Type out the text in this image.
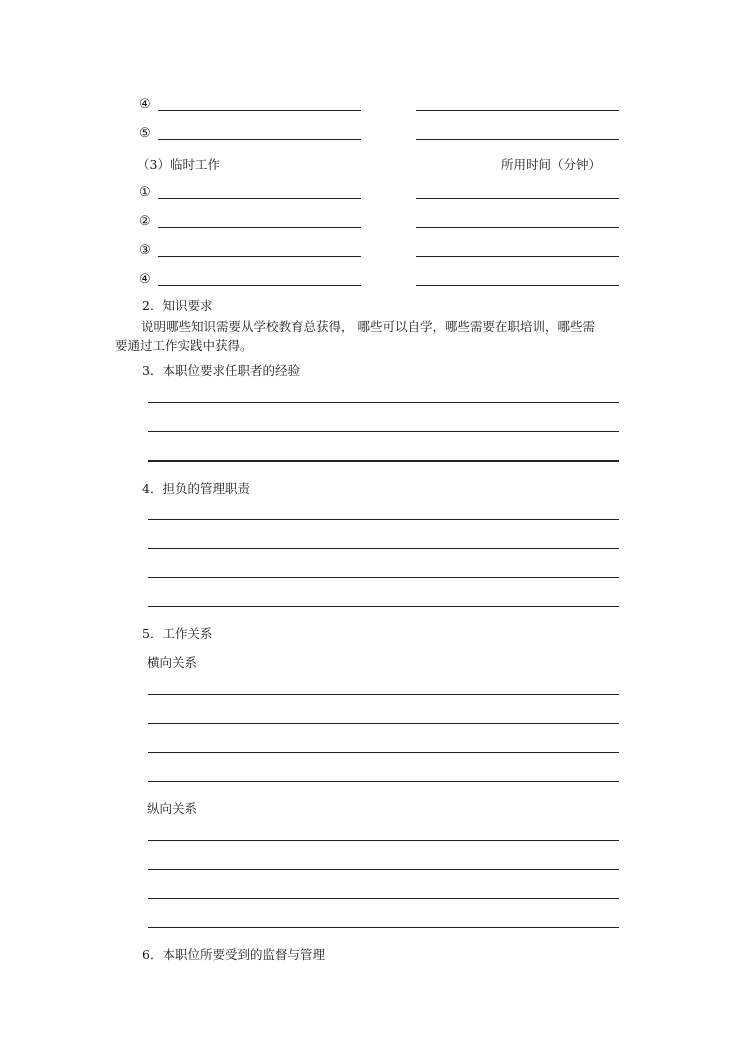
④
⑤
（3）临时工作	所用时间（分钟）
①
②
③
④
2．知识要求
说明哪些知识需要从学校教育总获得， 哪些可以自学，哪些需要在职培训，哪些需
要通过工作实践中获得。
3．本职位要求任职者的经验
4．担负的管理职责
5．工作关系
横向关系
纵向关系
6．本职位所要受到的监督与管理
